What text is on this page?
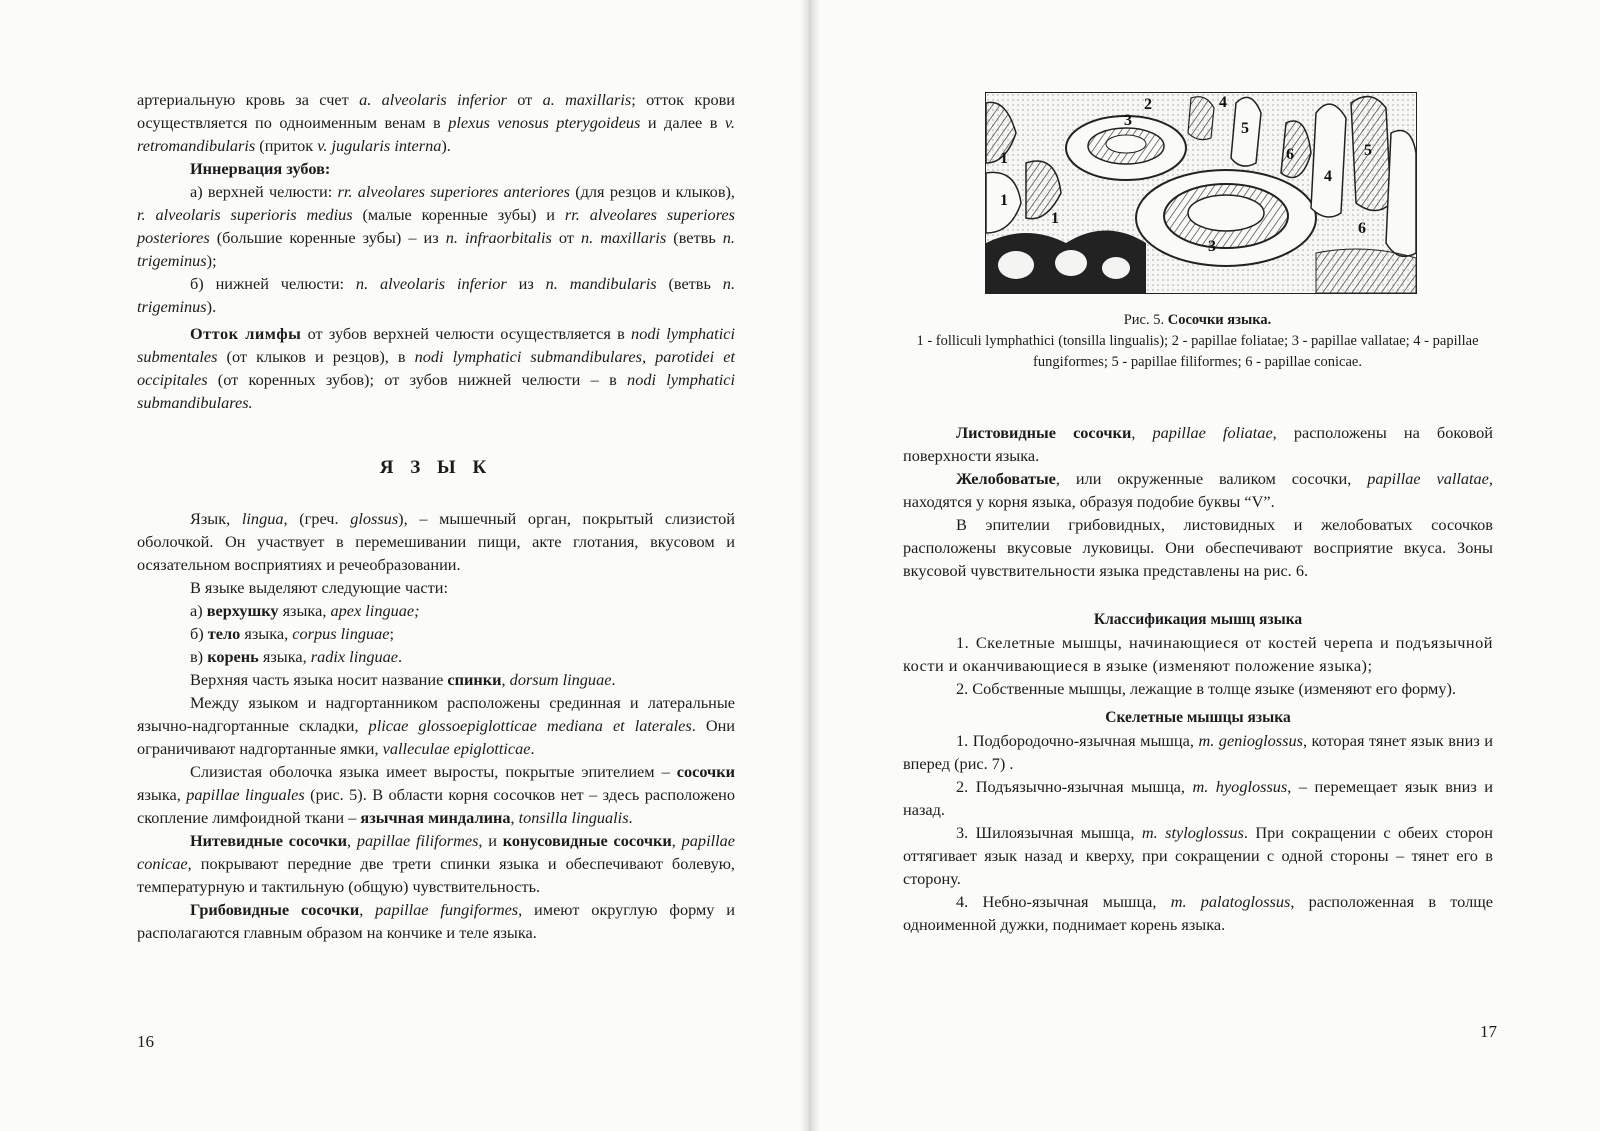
артериальную кровь за счет a. alveolaris inferior от a. maxillaris; отток крови осуществляется по одноименным венам в plexus venosus pterygoideus и далее в v. retromandibularis (приток v. jugularis interna).

Иннервация зубов:

а) верхней челюсти: rr. alveolares superiores anteriores (для резцов и клыков), r. alveolaris superioris medius (малые коренные зубы) и rr. alveolares superiores posteriores (большие коренные зубы) – из n. infraorbitalis от n. maxillaris (ветвь n. trigeminus);

б) нижней челюсти: n. alveolaris inferior из n. mandibularis (ветвь n. trigeminus).

Отток лимфы от зубов верхней челюсти осуществляется в nodi lymphatici submentales (от клыков и резцов), в nodi lymphatici submandibulares, parotidei et occipitales (от коренных зубов); от зубов нижней челюсти – в nodi lymphatici submandibulares.

Я З Ы К

Язык, lingua, (греч. glossus), – мышечный орган, покрытый слизистой оболочкой. Он участвует в перемешивании пищи, акте глотания, вкусовом и осязательном восприятиях и речеобразовании.

В языке выделяют следующие части:

а) верхушку языка, apex linguae;

б) тело языка, corpus linguae;

в) корень языка, radix linguae.

Верхняя часть языка носит название спинки, dorsum linguae.

Между языком и надгортанником расположены срединная и латеральные язычно-надгортанные складки, plicae glossoepiglotticae mediana et laterales. Они ограничивают надгортанные ямки, valleculae epiglotticae.

Слизистая оболочка языка имеет выросты, покрытые эпителием – сосочки языка, papillae linguales (рис. 5). В области корня сосочков нет – здесь расположено скопление лимфоидной ткани – язычная миндалина, tonsilla lingualis.

Нитевидные сосочки, papillae filiformes, и конусовидные сосочки, papillae conicae, покрывают передние две трети спинки языка и обеспечивают болевую, температурную и тактильную (общую) чувствительность.

Грибовидные сосочки, papillae fungiformes, имеют округлую форму и располагаются главным образом на кончике и теле языка.

16
1
1
1
2
3
3
4
4
5
5
6
6

Рис. 5. Сосочки языка.

1 - folliculi lymphathici (tonsilla lingualis); 2 - papillae foliatae; 3 - papillae vallatae; 4 - papillae fungiformes; 5 - papillae filiformes; 6 - papillae conicae.

Листовидные сосочки, papillae foliatae, расположены на боковой поверхности языка.

Желобоватые, или окруженные валиком сосочки, papillae vallatae, находятся у корня языка, образуя подобие буквы “V”.

В эпителии грибовидных, листовидных и желобоватых сосочков расположены вкусовые луковицы. Они обеспечивают восприятие вкуса. Зоны вкусовой чувствительности языка представлены на рис. 6.

Классификация мышц языка

1. Скелетные мышцы, начинающиеся от костей черепа и подъязычной кости и оканчивающиеся в языке (изменяют положение языка);

2. Собственные мышцы, лежащие в толще языке (изменяют его форму).

Скелетные мышцы языка

1. Подбородочно-язычная мышца, m. genioglossus, которая тянет язык вниз и вперед (рис. 7) .

2. Подъязычно-язычная мышца, m. hyoglossus, – перемещает язык вниз и назад.

3. Шилоязычная мышца, m. styloglossus. При сокращении с обеих сторон оттягивает язык назад и кверху, при сокращении с одной стороны – тянет его в сторону.

4. Небно-язычная мышца, m. palatoglossus, расположенная в толще одноименной дужки, поднимает корень языка.

17
